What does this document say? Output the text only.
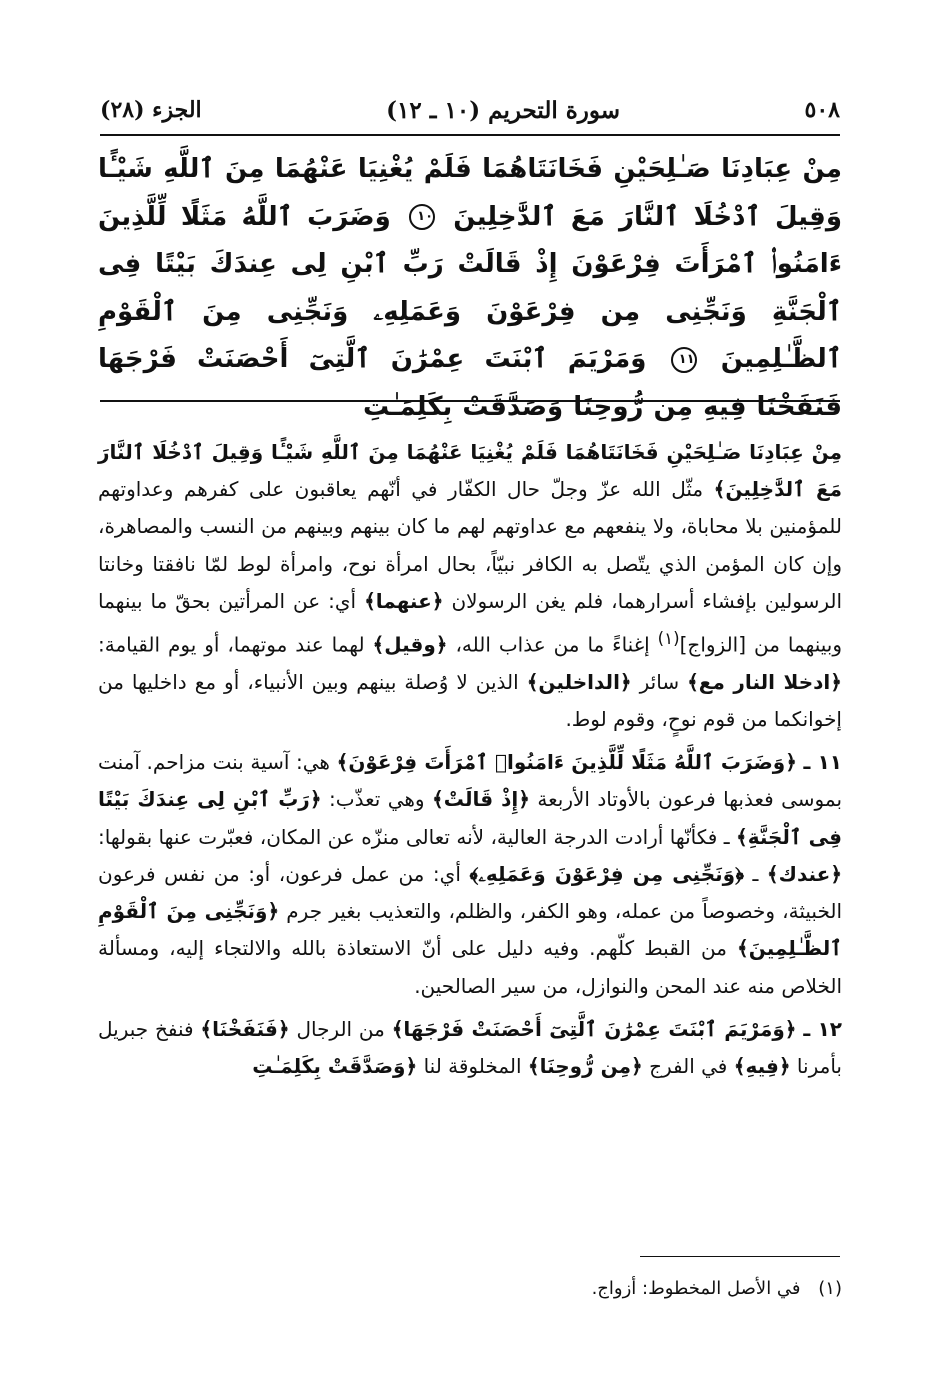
٥٠٨
سورة التحريم (١٠ ـ ١٢)
الجزء (٢٨)
مِنْ عِبَادِنَا صَـٰلِحَيْنِ فَخَانَتَاهُمَا فَلَمْ يُغْنِيَا عَنْهُمَا مِنَ ٱللَّهِ شَيْـًٔا وَقِيلَ ٱدْخُلَا ٱلنَّارَ مَعَ ٱلدَّٰخِلِينَ ١٠ وَضَرَبَ ٱللَّهُ مَثَلًا لِّلَّذِينَ ءَامَنُوا۟ ٱمْرَأَتَ فِرْعَوْنَ إِذْ قَالَتْ رَبِّ ٱبْنِ لِى عِندَكَ بَيْتًا فِى ٱلْجَنَّةِ وَنَجِّنِى مِن فِرْعَوْنَ وَعَمَلِهِۦ وَنَجِّنِى مِنَ ٱلْقَوْمِ ٱلظَّـٰلِمِينَ ١١ وَمَرْيَمَ ٱبْنَتَ عِمْرَٰنَ ٱلَّتِىٓ أَحْصَنَتْ فَرْجَهَا فَنَفَخْنَا فِيهِ مِن رُّوحِنَا وَصَدَّقَتْ بِكَلِمَـٰتِ

مِنْ عِبَادِنَا صَـٰلِحَيْنِ فَخَانَتَاهُمَا فَلَمْ يُغْنِيَا عَنْهُمَا مِنَ ٱللَّهِ شَيْـًٔا وَقِيلَ ٱدْخُلَا ٱلنَّارَ مَعَ ٱلدَّٰخِلِينَ﴾ مثّل الله عزّ وجلّ حال الكفّار في أنّهم يعاقبون على كفرهم وعداوتهم للمؤمنين بلا محاباة، ولا ينفعهم مع عداوتهم لهم ما كان بينهم وبينهم من النسب والمصاهرة، وإن كان المؤمن الذي يتّصل به الكافر نبيّاً، بحال امرأة نوح، وامرأة لوط لمّا نافقتا وخانتا الرسولين بإفشاء أسرارهما، فلم يغن الرسولان ﴿عنهما﴾ أي: عن المرأتين بحقّ ما بينهما وبينهما من [الزواج]$^{(١)}$ إغناءً ما من عذاب الله، ﴿وقيل﴾ لهما عند موتهما، أو يوم القيامة: ﴿ادخلا النار مع﴾ سائر ﴿الداخلين﴾ الذين لا وُصلة بينهم وبين الأنبياء، أو مع داخليها من إخوانكما من قوم نوحٍ، وقوم لوط.

١١ ـ ﴿وَضَرَبَ ٱللَّهُ مَثَلًا لِّلَّذِينَ ءَامَنُوا۟ ٱمْرَأَتَ فِرْعَوْنَ﴾ هي: آسية بنت مزاحم. آمنت بموسى فعذبها فرعون بالأوتاد الأربعة ﴿إِذْ قَالَتْ﴾ وهي تعذّب: ﴿رَبِّ ٱبْنِ لِى عِندَكَ بَيْتًا فِى ٱلْجَنَّةِ﴾ ـ فكأنّها أرادت الدرجة العالية، لأنه تعالى منزّه عن المكان، فعبّرت عنها بقولها: ﴿عندك﴾ ـ ﴿وَنَجِّنِى مِن فِرْعَوْنَ وَعَمَلِهِۦ﴾ أي: من عمل فرعون، أو: من نفس فرعون الخبيثة، وخصوصاً من عمله، وهو الكفر، والظلم، والتعذيب بغير جرم ﴿وَنَجِّنِى مِنَ ٱلْقَوْمِ ٱلظَّـٰلِمِينَ﴾ من القبط كلّهم. وفيه دليل على أنّ الاستعاذة بالله والالتجاء إليه، ومسألة الخلاص منه عند المحن والنوازل، من سير الصالحين.

١٢ ـ ﴿وَمَرْيَمَ ٱبْنَتَ عِمْرَٰنَ ٱلَّتِىٓ أَحْصَنَتْ فَرْجَهَا﴾ من الرجال ﴿فَنَفَخْنَا﴾ فنفخ جبريل بأمرنا ﴿فِيهِ﴾ في الفرج ﴿مِن رُّوحِنَا﴾ المخلوقة لنا ﴿وَصَدَّقَتْ بِكَلِمَـٰتِ

(١) في الأصل المخطوط: أزواج.
